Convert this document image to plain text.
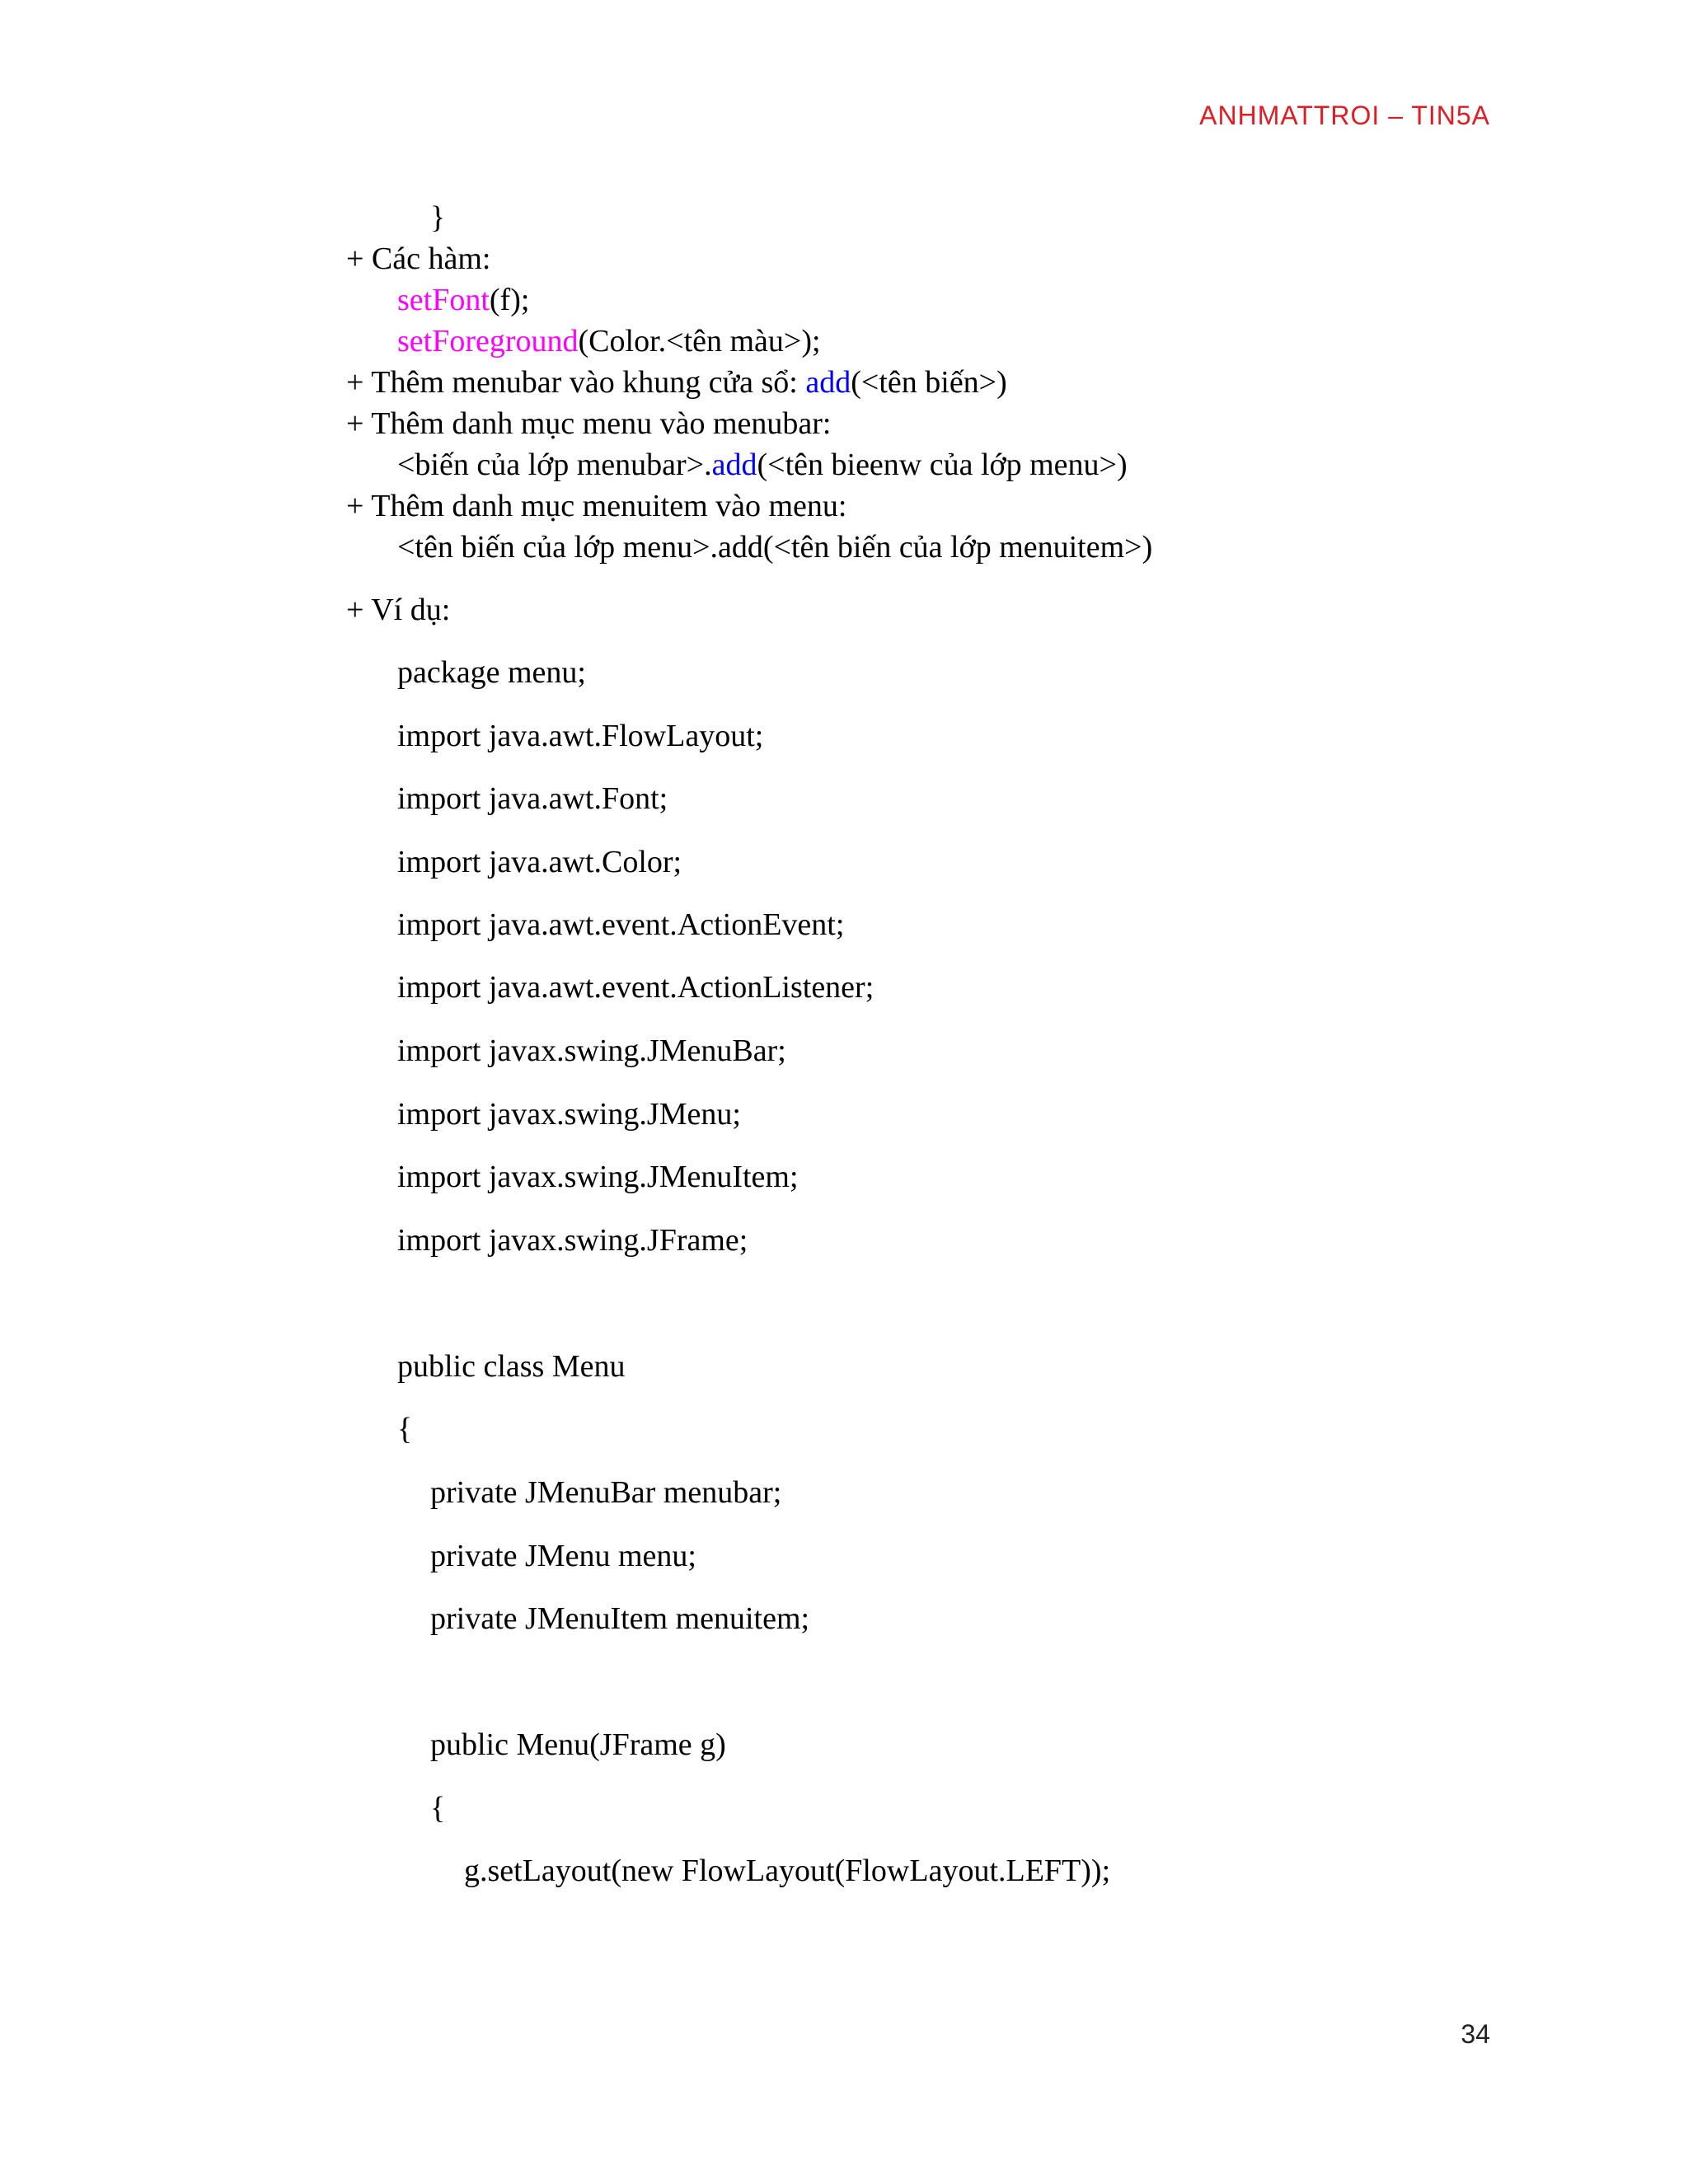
ANHMATTROI – TIN5A
}
+ Các hàm:
setFont(f);
setForeground(Color.<tên màu>);
+ Thêm menubar vào khung cửa sổ: add(<tên biến>)
+ Thêm danh mục menu vào menubar:
<biến của lớp menubar>.add(<tên bieenw của lớp menu>)
+ Thêm danh mục menuitem vào menu:
<tên biến của lớp menu>.add(<tên biến của lớp menuitem>)
+ Ví dụ:
package menu;
import java.awt.FlowLayout;
import java.awt.Font;
import java.awt.Color;
import java.awt.event.ActionEvent;
import java.awt.event.ActionListener;
import javax.swing.JMenuBar;
import javax.swing.JMenu;
import javax.swing.JMenuItem;
import javax.swing.JFrame;
public class Menu
{
private JMenuBar menubar;
private JMenu menu;
private JMenuItem menuitem;
public Menu(JFrame g)
{
g.setLayout(new FlowLayout(FlowLayout.LEFT));
34
